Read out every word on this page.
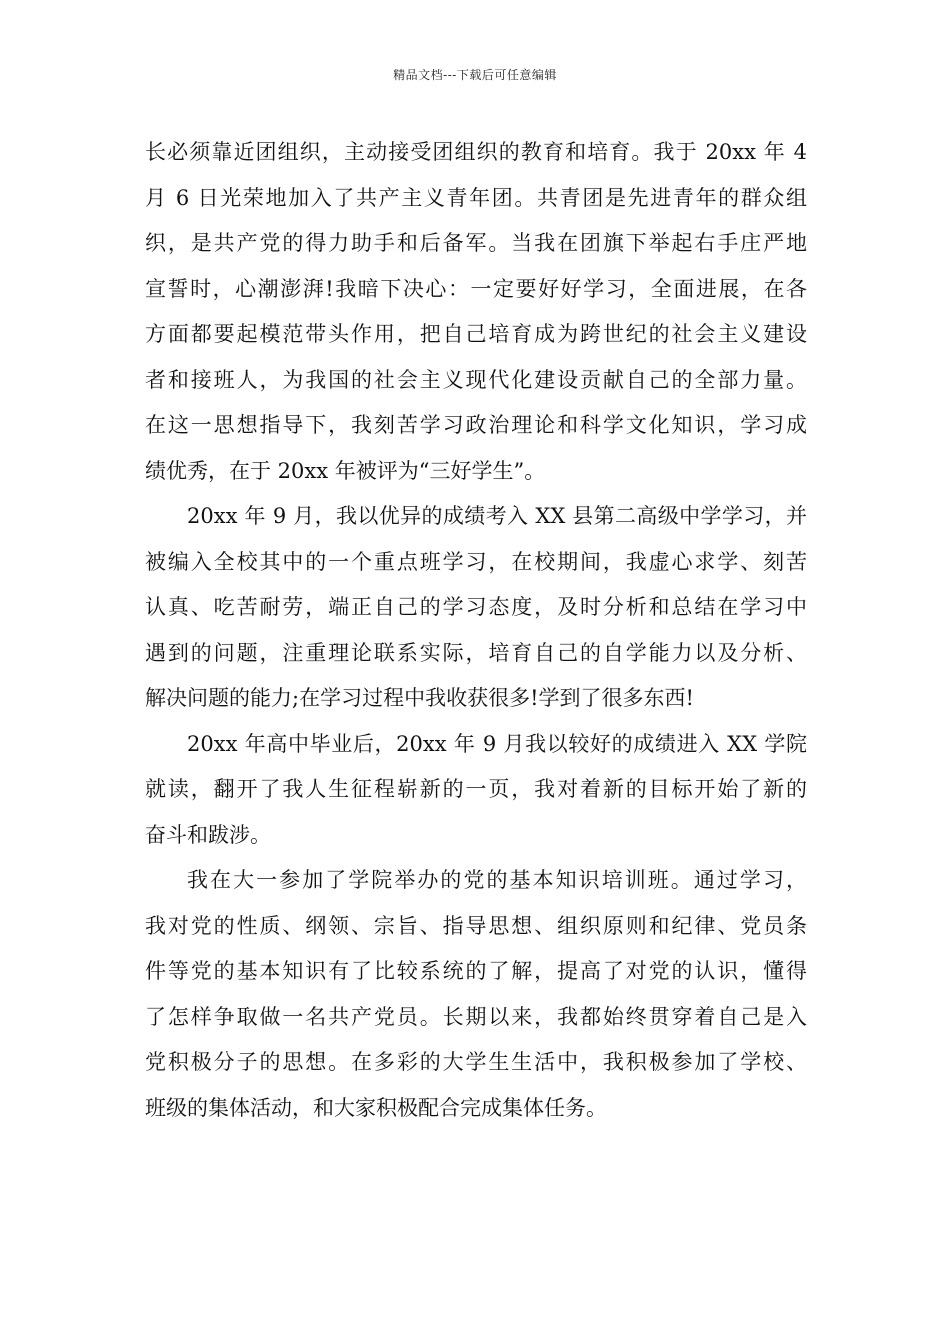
精品文档---下载后可任意编辑

长必须靠近团组织，主动接受团组织的教育和培育。我于 20xx 年 4
月 6 日光荣地加入了共产主义青年团。共青团是先进青年的群众组
织，是共产党的得力助手和后备军。当我在团旗下举起右手庄严地
宣誓时，心潮澎湃!我暗下决心：一定要好好学习，全面进展，在各
方面都要起模范带头作用，把自己培育成为跨世纪的社会主义建设
者和接班人，为我国的社会主义现代化建设贡献自己的全部力量。
在这一思想指导下，我刻苦学习政治理论和科学文化知识，学习成
绩优秀，在于 20xx 年被评为“三好学生”。

20xx 年 9 月，我以优异的成绩考入 XX 县第二高级中学学习，并
被编入全校其中的一个重点班学习，在校期间，我虚心求学、刻苦
认真、吃苦耐劳，端正自己的学习态度，及时分析和总结在学习中
遇到的问题，注重理论联系实际，培育自己的自学能力以及分析、
解决问题的能力;在学习过程中我收获很多!学到了很多东西!

20xx 年高中毕业后，20xx 年 9 月我以较好的成绩进入 XX 学院
就读，翻开了我人生征程崭新的一页，我对着新的目标开始了新的
奋斗和跋涉。

我在大一参加了学院举办的党的基本知识培训班。通过学习，
我对党的性质、纲领、宗旨、指导思想、组织原则和纪律、党员条
件等党的基本知识有了比较系统的了解，提高了对党的认识，懂得
了怎样争取做一名共产党员。长期以来，我都始终贯穿着自己是入
党积极分子的思想。在多彩的大学生生活中，我积极参加了学校、
班级的集体活动，和大家积极配合完成集体任务。
